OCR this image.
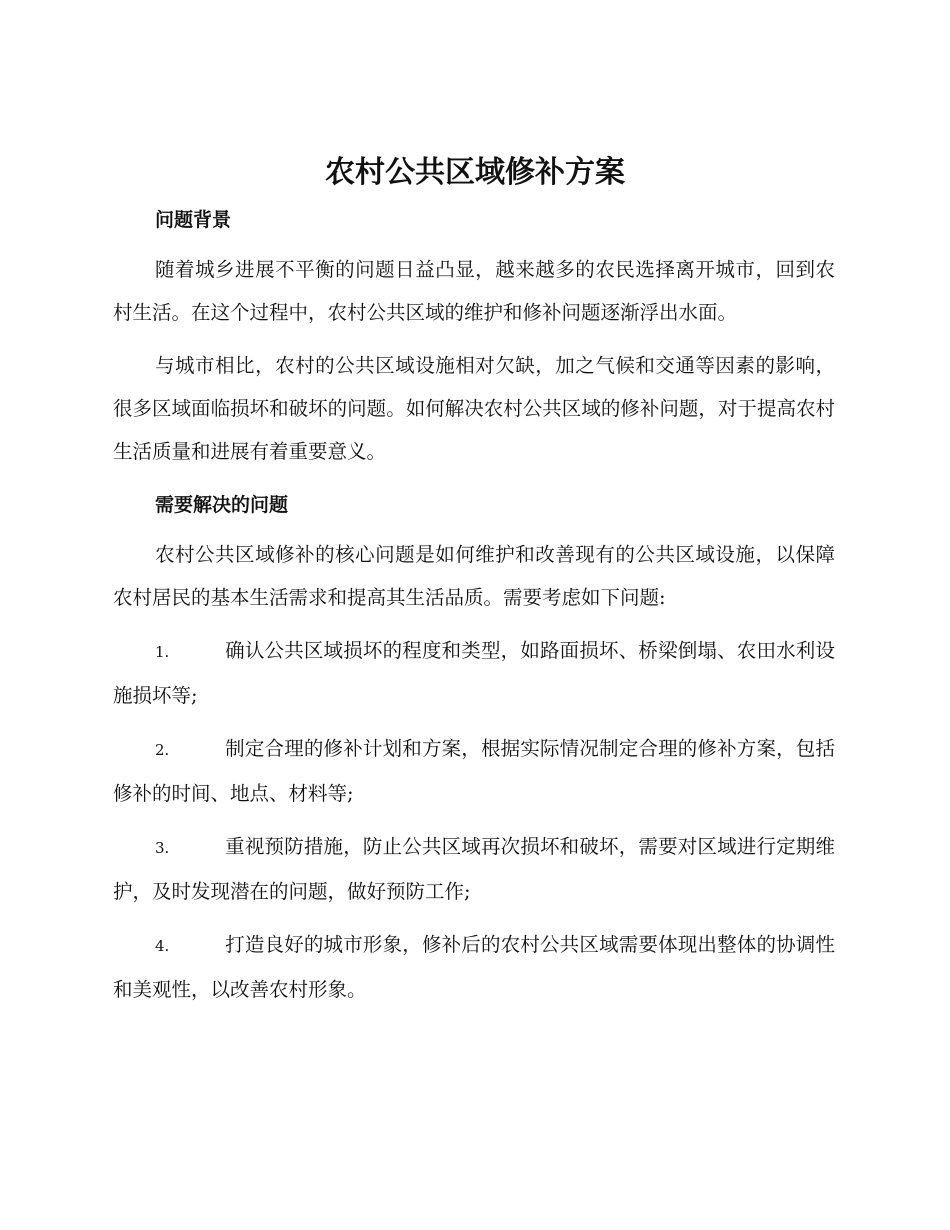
农村公共区域修补方案
问题背景

随着城乡进展不平衡的问题日益凸显，越来越多的农民选择离开城市，回到农村生活。在这个过程中，农村公共区域的维护和修补问题逐渐浮出水面。

与城市相比，农村的公共区域设施相对欠缺，加之气候和交通等因素的影响，很多区域面临损坏和破坏的问题。如何解决农村公共区域的修补问题，对于提高农村生活质量和进展有着重要意义。

需要解决的问题

农村公共区域修补的核心问题是如何维护和改善现有的公共区域设施，以保障农村居民的基本生活需求和提高其生活品质。需要考虑如下问题:

1.	确认公共区域损坏的程度和类型，如路面损坏、桥梁倒塌、农田水利设施损坏等;

2.	制定合理的修补计划和方案，根据实际情况制定合理的修补方案，包括修补的时间、地点、材料等;

3.	重视预防措施，防止公共区域再次损坏和破坏，需要对区域进行定期维护，及时发现潜在的问题，做好预防工作;

4.	打造良好的城市形象，修补后的农村公共区域需要体现出整体的协调性和美观性，以改善农村形象。
